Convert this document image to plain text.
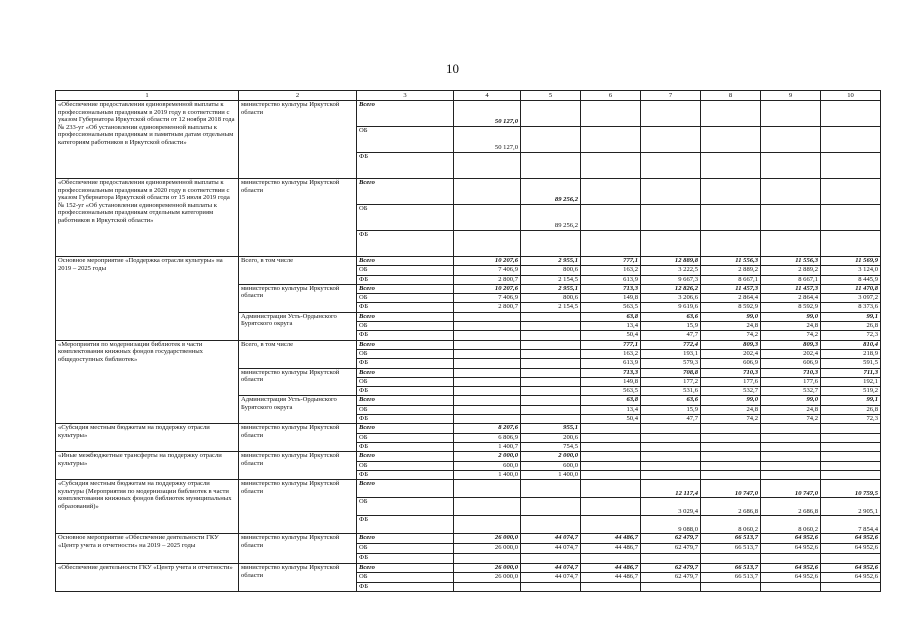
10
1	2	3	4	5	6	7	8	9	10
«Обеспечение предоставления единовременной выплаты к профессиональным праздникам в 2019 году в соответствии с указом Губернатора Иркутской области от 12 ноября 2018 года № 233-уг «Об установлении единовременной выплаты к профессиональным праздникам и памятным датам отдельным категориям работников в Иркутской области»	министерство культуры Иркутской области	Всего	50 127,0						
		ОБ	50 127,0						
		ФБ							
«Обеспечение предоставления единовременной выплаты к профессиональным праздникам в 2020 году в соответствии с указом Губернатора Иркутской области от 15 июля 2019 года № 152-уг «Об установлении единовременной выплаты к профессиональным праздникам отдельным категориям работников в Иркутской области»	министерство культуры Иркутской области	Всего		89 256,2					
		ОБ		89 256,2					
		ФБ							
Основное мероприятие «Поддержка отрасли культуры» на 2019 – 2025 годы	Всего, в том числе	Всего	10 207,6	2 955,1	777,1	12 889,8	11 556,3	11 556,3	11 569,9
		ОБ	7 406,9	800,6	163,2	3 222,5	2 889,2	2 889,2	3 124,0
		ФБ	2 800,7	2 154,5	613,9	9 667,3	8 667,1	8 667,1	8 445,9
	министерство культуры Иркутской области	Всего	10 207,6	2 955,1	713,3	12 826,2	11 457,3	11 457,3	11 470,8
		ОБ	7 406,9	800,6	149,8	3 206,6	2 864,4	2 864,4	3 097,2
		ФБ	2 800,7	2 154,5	563,5	9 619,6	8 592,9	8 592,9	8 373,6
	Администрация Усть-Ордынского Бурятского округа	Всего			63,8	63,6	99,0	99,0	99,1
		ОБ			13,4	15,9	24,8	24,8	26,8
		ФБ			50,4	47,7	74,2	74,2	72,3
«Мероприятия по модернизации библиотек в части комплектования книжных фондов государственных общедоступных библиотек»	Всего, в том числе	Всего			777,1	772,4	809,3	809,3	810,4
		ОБ			163,2	193,1	202,4	202,4	218,9
		ФБ			613,9	579,3	606,9	606,9	591,5
	министерство культуры Иркутской области	Всего			713,3	708,8	710,3	710,3	711,3
		ОБ			149,8	177,2	177,6	177,6	192,1
		ФБ			563,5	531,6	532,7	532,7	519,2
	Администрация Усть-Ордынского Бурятского округа	Всего			63,8	63,6	99,0	99,0	99,1
		ОБ			13,4	15,9	24,8	24,8	26,8
		ФБ			50,4	47,7	74,2	74,2	72,3
«Субсидия местным бюджетам на поддержку отрасли культуры»	министерство культуры Иркутской области	Всего	8 207,6	955,1					
		ОБ	6 806,9	200,6					
		ФБ	1 400,7	754,5					
«Иные межбюджетные трансферты на поддержку отрасли культуры»	министерство культуры Иркутской области	Всего	2 000,0	2 000,0					
		ОБ	600,0	600,0					
		ФБ	1 400,0	1 400,0					
«Субсидия местным бюджетам на поддержку отрасли культуры (Мероприятия по модернизации библиотек в части комплектования книжных фондов библиотек муниципальных образований)»	министерство культуры Иркутской области	Всего				12 117,4	10 747,0	10 747,0	10 759,5
		ОБ				3 029,4	2 686,8	2 686,8	2 905,1
		ФБ				9 088,0	8 060,2	8 060,2	7 854,4
Основное мероприятие «Обеспечение деятельности ГКУ «Центр учета и отчетности» на 2019 – 2025 годы	министерство культуры Иркутской области	Всего	26 000,0	44 074,7	44 486,7	62 479,7	66 513,7	64 952,6	64 952,6
		ОБ	26 000,0	44 074,7	44 486,7	62 479,7	66 513,7	64 952,6	64 952,6
		ФБ							
«Обеспечение деятельности ГКУ «Центр учета и отчетности»	министерство культуры Иркутской области	Всего	26 000,0	44 074,7	44 486,7	62 479,7	66 513,7	64 952,6	64 952,6
		ОБ	26 000,0	44 074,7	44 486,7	62 479,7	66 513,7	64 952,6	64 952,6
		ФБ							
